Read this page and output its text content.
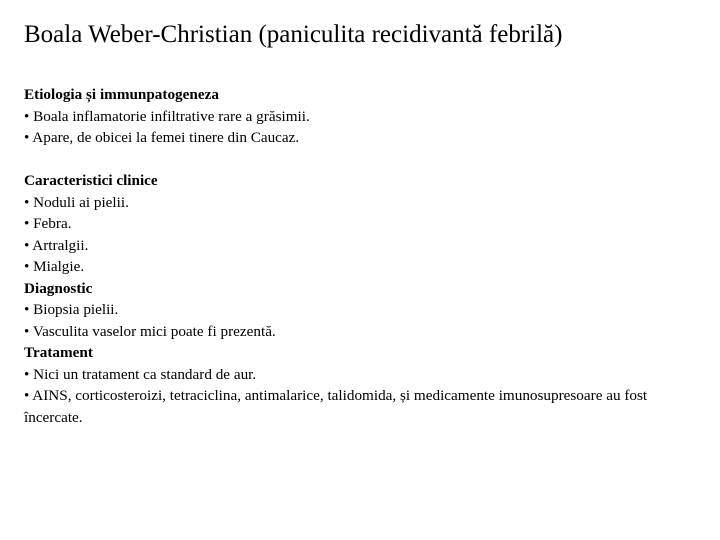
Boala Weber-Christian (paniculita recidivantă febrilă)
Etiologia și immunpatogeneza
• Boala inflamatorie infiltrative rare a grăsimii.
• Apare, de obicei la femei tinere din Caucaz.
Caracteristici clinice
• Noduli ai pielii.
• Febra.
• Artralgii.
• Mialgie.
Diagnostic
• Biopsia pielii.
• Vasculita vaselor mici poate fi prezentă.
Tratament
• Nici un tratament ca standard de aur.
• AINS, corticosteroizi, tetraciclina, antimalarice, talidomida, și medicamente imunosupresoare au fost încercate.
